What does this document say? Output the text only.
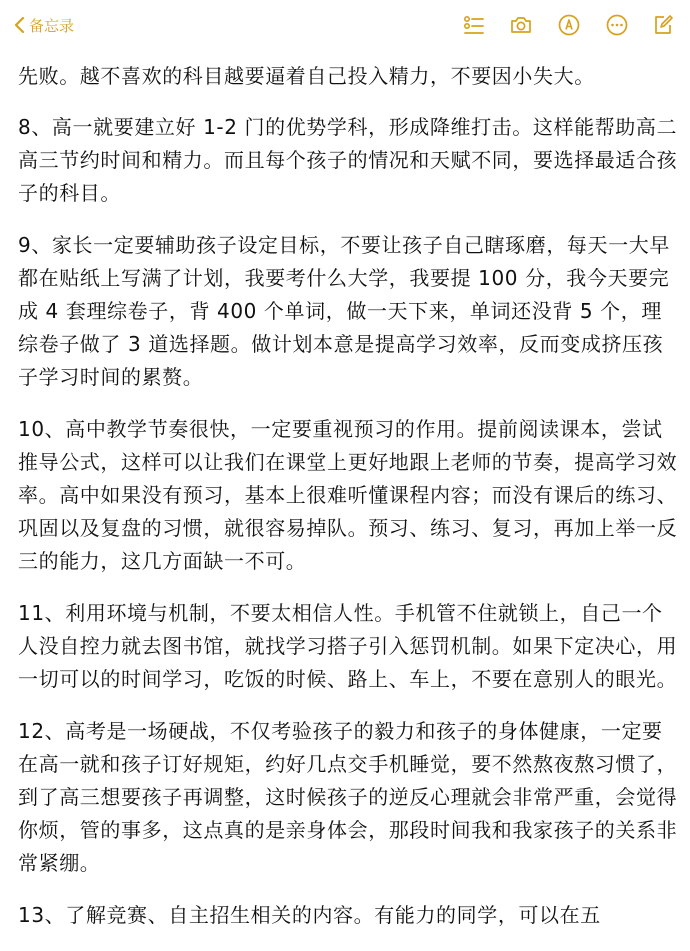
备忘录

先败。越不喜欢的科目越要逼着自己投入精力，不要因小失大。

8、高一就要建立好 1-2 门的优势学科，形成降维打击。这样能帮助高二高三节约时间和精力。而且每个孩子的情况和天赋不同，要选择最适合孩子的科目。

9、家长一定要辅助孩子设定目标，不要让孩子自己瞎琢磨，每天一大早都在贴纸上写满了计划，我要考什么大学，我要提 100 分，我今天要完成 4 套理综卷子，背 400 个单词，做一天下来，单词还没背 5 个，理综卷子做了 3 道选择题。做计划本意是提高学习效率，反而变成挤压孩子学习时间的累赘。

10、高中教学节奏很快，一定要重视预习的作用。提前阅读课本，尝试推导公式，这样可以让我们在课堂上更好地跟上老师的节奏，提高学习效率。高中如果没有预习，基本上很难听懂课程内容；而没有课后的练习、巩固以及复盘的习惯，就很容易掉队。预习、练习、复习，再加上举一反三的能力，这几方面缺一不可。

11、利用环境与机制，不要太相信人性。手机管不住就锁上，自己一个人没自控力就去图书馆，就找学习搭子引入惩罚机制。如果下定决心，用一切可以的时间学习，吃饭的时候、路上、车上，不要在意别人的眼光。

12、高考是一场硬战，不仅考验孩子的毅力和孩子的身体健康，一定要在高一就和孩子订好规矩，约好几点交手机睡觉，要不然熬夜熬习惯了，到了高三想要孩子再调整，这时候孩子的逆反心理就会非常严重，会觉得你烦，管的事多，这点真的是亲身体会，那段时间我和我家孩子的关系非常紧绷。

13、了解竞赛、自主招生相关的内容。有能力的同学，可以在五
